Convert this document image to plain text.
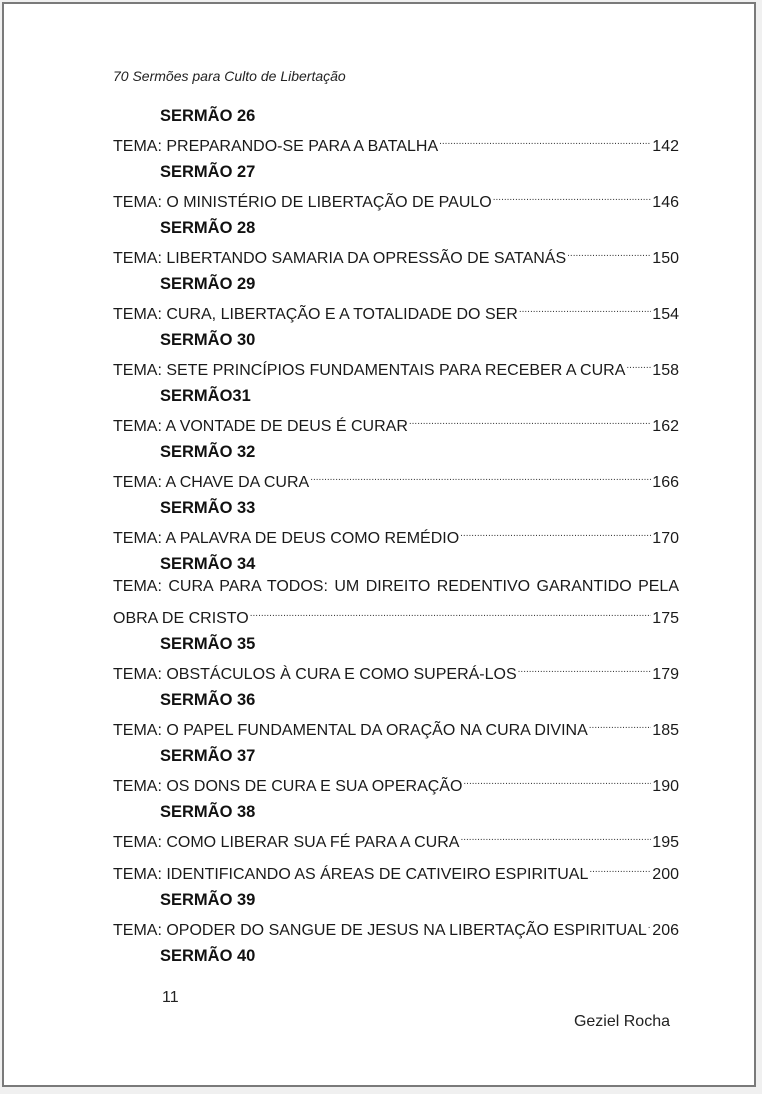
70 Sermões para Culto de Libertação
SERMÃO 26
TEMA: PREPARANDO-SE PARA A BATALHA .....	142
SERMÃO 27
TEMA: O MINISTÉRIO DE LIBERTAÇÃO DE PAULO .....	146
SERMÃO 28
TEMA: LIBERTANDO SAMARIA DA OPRESSÃO DE SATANÁS .....	150
SERMÃO 29
TEMA: CURA, LIBERTAÇÃO E A TOTALIDADE DO SER .....	154
SERMÃO 30
TEMA: SETE PRINCÍPIOS FUNDAMENTAIS PARA RECEBER A CURA ..... 158
SERMÃO31
TEMA: A VONTADE DE DEUS É CURAR .....	162
SERMÃO 32
TEMA: A CHAVE DA CURA .....	166
SERMÃO 33
TEMA: A PALAVRA DE DEUS COMO REMÉDIO .....	170
SERMÃO 34
TEMA: CURA PARA TODOS: UM DIREITO REDENTIVO GARANTIDO PELA
OBRA DE CRISTO .....	175
SERMÃO 35
TEMA: OBSTÁCULOS À CURA E COMO SUPERÁ-LOS .....	179
SERMÃO 36
TEMA: O PAPEL FUNDAMENTAL DA ORAÇÃO NA CURA DIVINA .....	185
SERMÃO 37
TEMA: OS DONS DE CURA E SUA OPERAÇÃO .....	190
SERMÃO 38
TEMA: COMO LIBERAR SUA FÉ PARA A CURA .....	195
TEMA: IDENTIFICANDO AS ÁREAS DE CATIVEIRO ESPIRITUAL .....	200
SERMÃO 39
TEMA: OPODER DO SANGUE DE JESUS NA LIBERTAÇÃO ESPIRITUAL ..... 206
SERMÃO 40
11
Geziel Rocha
